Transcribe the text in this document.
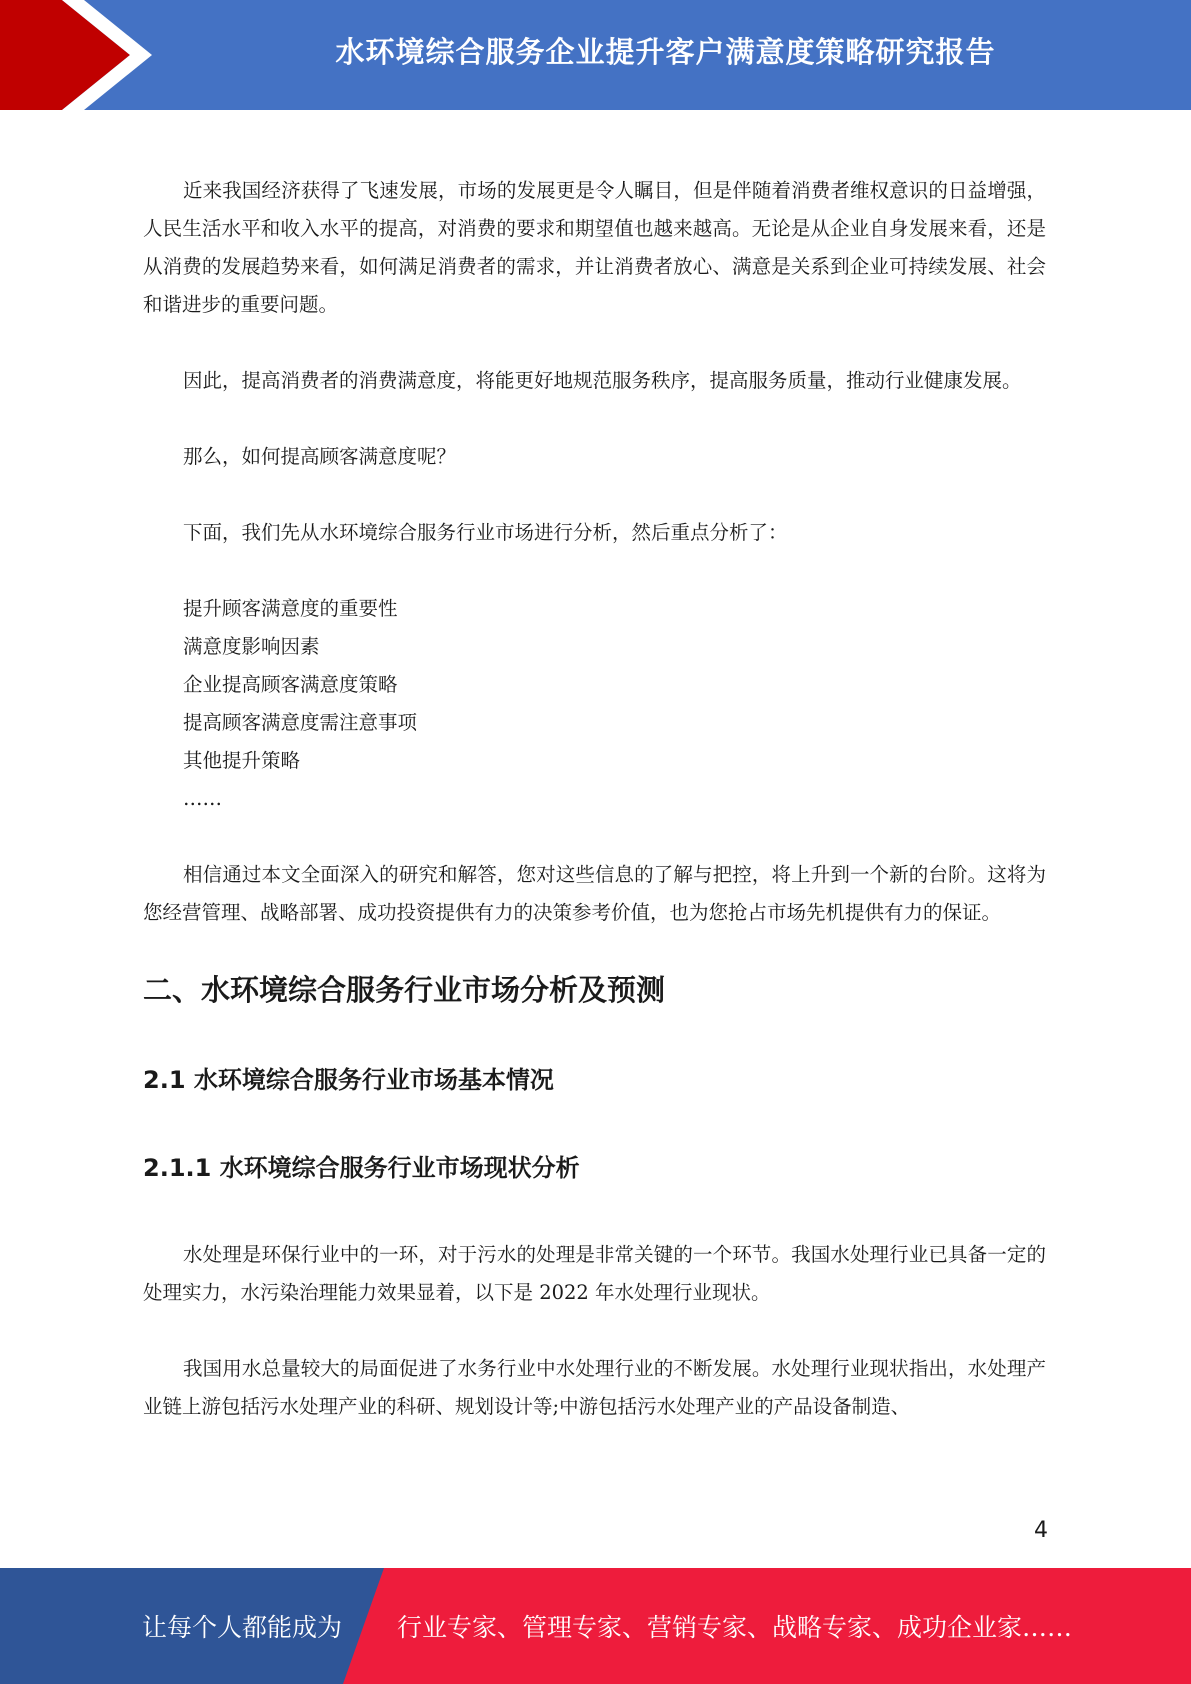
水环境综合服务企业提升客户满意度策略研究报告

近来我国经济获得了飞速发展，市场的发展更是令人瞩目，但是伴随着消费者维权意识的日益增强，人民生活水平和收入水平的提高，对消费的要求和期望值也越来越高。无论是从企业自身发展来看，还是从消费的发展趋势来看，如何满足消费者的需求，并让消费者放心、满意是关系到企业可持续发展、社会和谐进步的重要问题。

因此，提高消费者的消费满意度，将能更好地规范服务秩序，提高服务质量，推动行业健康发展。

那么，如何提高顾客满意度呢？

下面，我们先从水环境综合服务行业市场进行分析，然后重点分析了：

提升顾客满意度的重要性
满意度影响因素
企业提高顾客满意度策略
提高顾客满意度需注意事项
其他提升策略
……

相信通过本文全面深入的研究和解答，您对这些信息的了解与把控，将上升到一个新的台阶。这将为您经营管理、战略部署、成功投资提供有力的决策参考价值，也为您抢占市场先机提供有力的保证。

二、水环境综合服务行业市场分析及预测
2.1 水环境综合服务行业市场基本情况
2.1.1 水环境综合服务行业市场现状分析

水处理是环保行业中的一环，对于污水的处理是非常关键的一个环节。我国水处理行业已具备一定的处理实力，水污染治理能力效果显着，以下是 2022 年水处理行业现状。

我国用水总量较大的局面促进了水务行业中水处理行业的不断发展。水处理行业现状指出，水处理产业链上游包括污水处理产业的科研、规划设计等;中游包括污水处理产业的产品设备制造、

4
让每个人都能成为 行业专家、管理专家、营销专家、战略专家、成功企业家……
